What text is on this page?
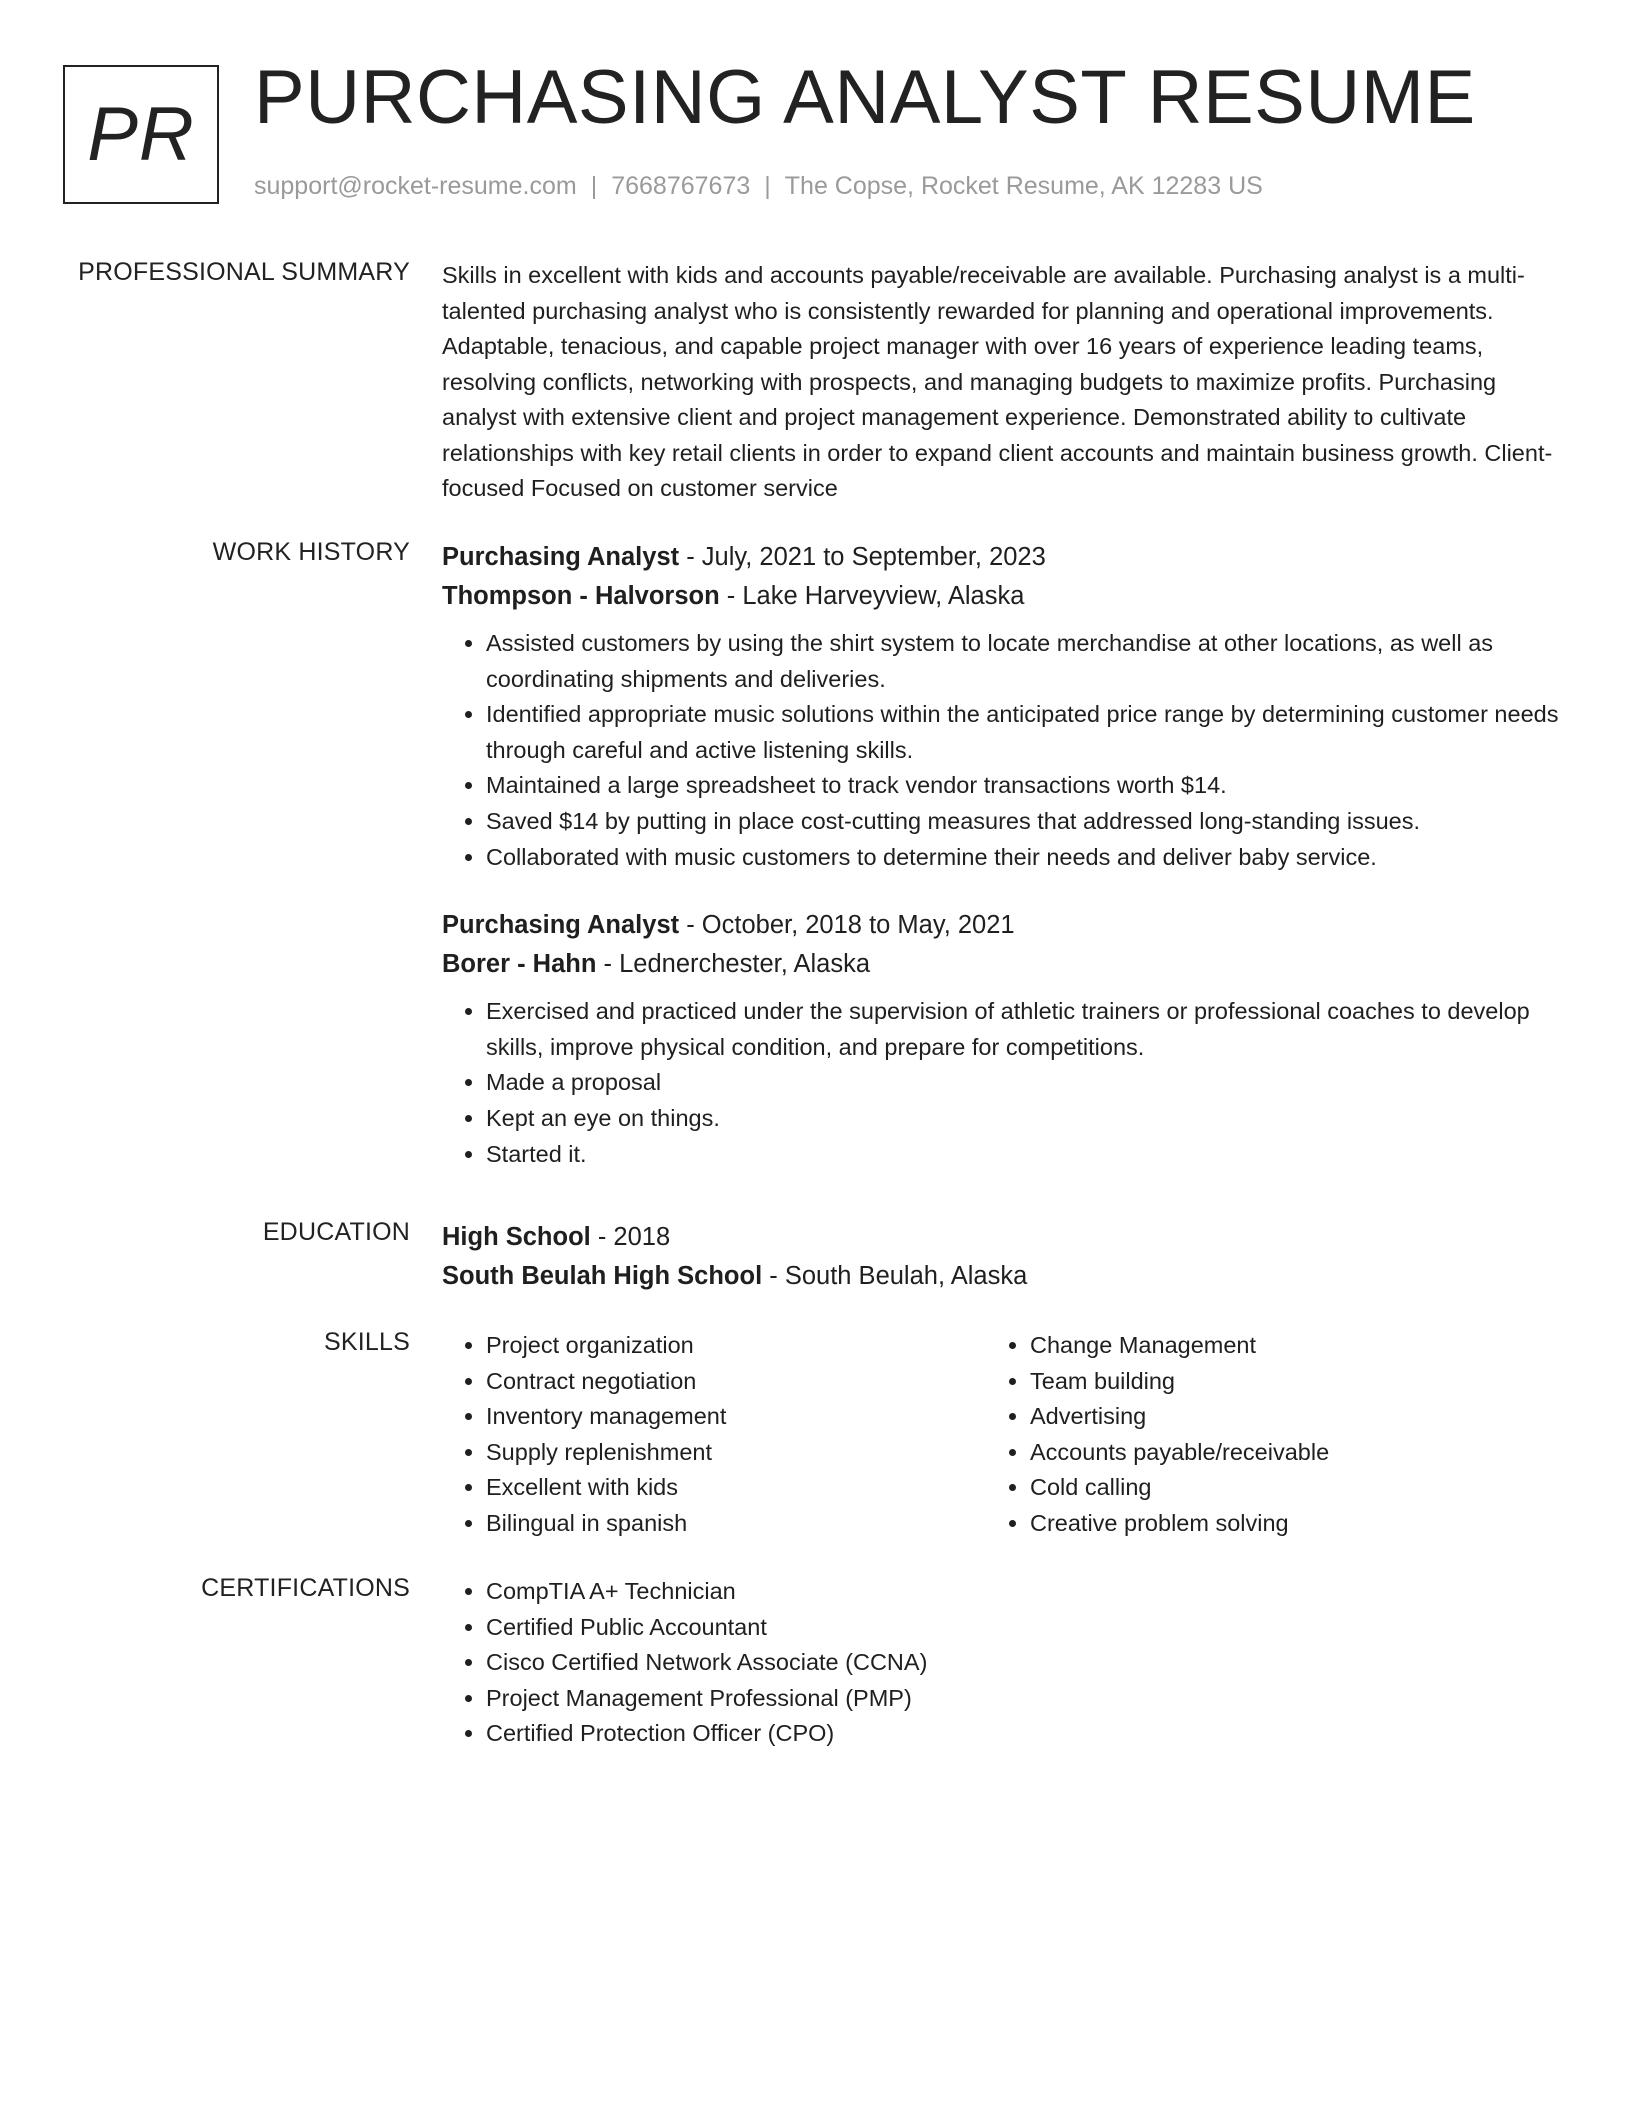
PR PURCHASING ANALYST RESUME
support@rocket-resume.com | 7668767673 | The Copse, Rocket Resume, AK 12283 US
PROFESSIONAL SUMMARY Skills in excellent with kids and accounts payable/receivable are available. Purchasing analyst is a multi-talented purchasing analyst who is consistently rewarded for planning and operational improvements. Adaptable, tenacious, and capable project manager with over 16 years of experience leading teams, resolving conflicts, networking with prospects, and managing budgets to maximize profits. Purchasing analyst with extensive client and project management experience. Demonstrated ability to cultivate relationships with key retail clients in order to expand client accounts and maintain business growth. Client-focused Focused on customer service

WORK HISTORY Purchasing Analyst - July, 2021 to September, 2023
Thompson - Halvorson - Lake Harveyview, Alaska
• Assisted customers by using the shirt system to locate merchandise at other locations, as well as coordinating shipments and deliveries.
• Identified appropriate music solutions within the anticipated price range by determining customer needs through careful and active listening skills.
• Maintained a large spreadsheet to track vendor transactions worth $14.
• Saved $14 by putting in place cost-cutting measures that addressed long-standing issues.
• Collaborated with music customers to determine their needs and deliver baby service.
Purchasing Analyst - October, 2018 to May, 2021
Borer - Hahn - Lednerchester, Alaska
• Exercised and practiced under the supervision of athletic trainers or professional coaches to develop skills, improve physical condition, and prepare for competitions.
• Made a proposal
• Kept an eye on things.
• Started it.
EDUCATION High School - 2018
South Beulah High School - South Beulah, Alaska
SKILLS	• Project organization
• Contract negotiation
• Inventory management
• Supply replenishment
• Excellent with kids
• Bilingual in spanish
• Change Management
• Team building
• Advertising
• Accounts payable/receivable
• Cold calling
• Creative problem solving
CERTIFICATIONS	• CompTIA A+ Technician
• Certified Public Accountant
• Cisco Certified Network Associate (CCNA)
• Project Management Professional (PMP)
• Certified Protection Officer (CPO)
